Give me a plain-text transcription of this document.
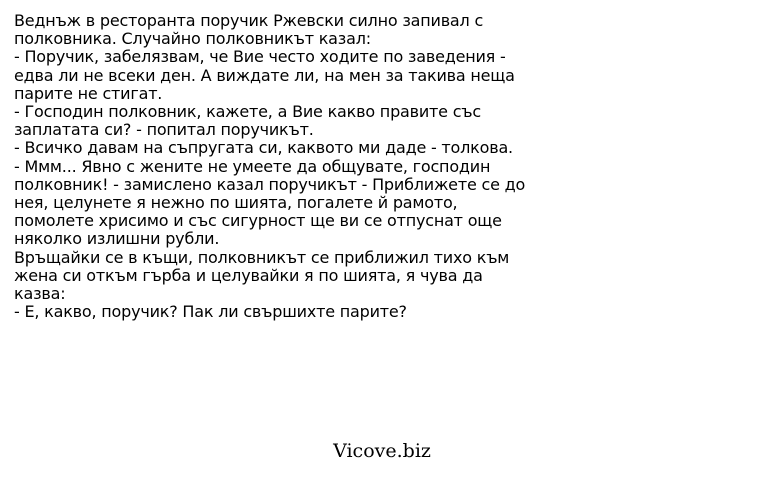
Веднъж в ресторанта поручик Ржевски силно запивал с
полковника. Случайно полковникът казал:
- Поручик, забелязвам, че Вие често ходите по заведения -
едва ли не всеки ден. А виждате ли, на мен за такива неща
парите не стигат.
- Господин полковник, кажете, а Вие какво правите със
заплатата си? - попитал поручикът.
- Всичко давам на съпругата си, каквото ми даде - толкова.
- Ммм... Явно с жените не умеете да общувате, господин
полковник! - замислено казал поручикът - Приближете се до
нея, целунете я нежно по шията, погалете й рамото,
помолете хрисимо и със сигурност ще ви се отпуснат още
няколко излишни рубли.
Връщайки се в къщи, полковникът се приближил тихо към
жена си откъм гърба и целувайки я по шията, я чува да
казва:
- Е, какво, поручик? Пак ли свършихте парите?
Vicove.biz
